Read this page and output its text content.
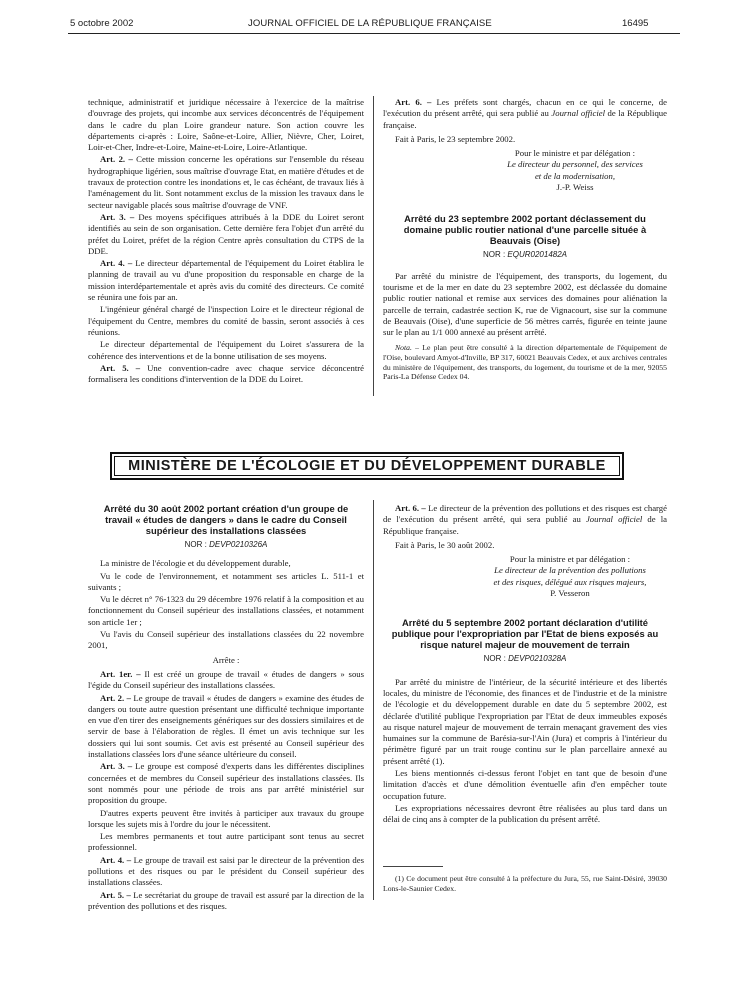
5 octobre 2002	JOURNAL OFFICIEL DE LA RÉPUBLIQUE FRANÇAISE	16495

technique, administratif et juridique nécessaire à l'exercice de la maîtrise d'ouvrage des projets, qui incombe aux services déconcentrés de l'équipement dans le cadre du plan Loire grandeur nature. Son action couvre les départements ci-après : Loire, Saône-et-Loire, Allier, Nièvre, Cher, Loiret, Loir-et-Cher, Indre-et-Loire, Maine-et-Loire, Loire-Atlantique.

Art. 2. – Cette mission concerne les opérations sur l'ensemble du réseau hydrographique ligérien, sous maîtrise d'ouvrage Etat, en matière d'études et de travaux de protection contre les inondations et, le cas échéant, de travaux liés à l'aménagement du lit. Sont notamment exclus de la mission les travaux dans le secteur navigable placés sous maîtrise d'ouvrage de VNF.

Art. 3. – Des moyens spécifiques attribués à la DDE du Loiret seront identifiés au sein de son organisation. Cette dernière fera l'objet d'un arrêté du préfet du Loiret, préfet de la région Centre après consultation du CTPS de la DDE.

Art. 4. – Le directeur départemental de l'équipement du Loiret établira le planning de travail au vu d'une proposition du responsable en charge de la mission interdépartementale et après avis du comité des directeurs. Ce comité se réunira une fois par an.

L'ingénieur général chargé de l'inspection Loire et le directeur régional de l'équipement du Centre, membres du comité de bassin, seront associés à ces réunions.

Le directeur départemental de l'équipement du Loiret s'assurera de la cohérence des interventions et de la bonne utilisation de ses moyens.

Art. 5. – Une convention-cadre avec chaque service déconcentré formalisera les conditions d'intervention de la DDE du Loiret.

Art. 6. – Les préfets sont chargés, chacun en ce qui le concerne, de l'exécution du présent arrêté, qui sera publié au Journal officiel de la République française.

Fait à Paris, le 23 septembre 2002.

Pour le ministre et par délégation :
Le directeur du personnel, des services
et de la modernisation,
J.-P. Weiss
Arrêté du 23 septembre 2002 portant déclassement du domaine public routier national d'une parcelle située à Beauvais (Oise)
NOR : EQUR0201482A

Par arrêté du ministre de l'équipement, des transports, du logement, du tourisme et de la mer en date du 23 septembre 2002, est déclassée du domaine public routier national et remise aux services des domaines pour aliénation la parcelle de terrain, cadastrée section K, rue de Vignacourt, sise sur la commune de Beauvais (Oise), d'une superficie de 56 mètres carrés, figurée en teinte jaune sur le plan au 1/1 000 annexé au présent arrêté.

Nota. – Le plan peut être consulté à la direction départementale de l'équipement de l'Oise, boulevard Amyot-d'Inville, BP 317, 60021 Beauvais Cedex, et aux archives centrales du ministère de l'équipement, des transports, du logement, du tourisme et de la mer, 92055 Paris-La Défense Cedex 04.

MINISTÈRE DE L'ÉCOLOGIE ET DU DÉVELOPPEMENT DURABLE
Arrêté du 30 août 2002 portant création d'un groupe de travail « études de dangers » dans le cadre du Conseil supérieur des installations classées
NOR : DEVP0210326A

La ministre de l'écologie et du développement durable,

Vu le code de l'environnement, et notamment ses articles L. 511-1 et suivants ;

Vu le décret n° 76-1323 du 29 décembre 1976 relatif à la composition et au fonctionnement du Conseil supérieur des installations classées, et notamment son article 1er ;

Vu l'avis du Conseil supérieur des installations classées du 22 novembre 2001,

Arrête :

Art. 1er. – Il est créé un groupe de travail « études de dangers » sous l'égide du Conseil supérieur des installations classées.

Art. 2. – Le groupe de travail « études de dangers » examine des études de dangers ou toute autre question présentant une difficulté technique importante en vue d'en tirer des enseignements génériques sur des dossiers similaires et de servir de base à l'élaboration de règles. Il émet un avis technique sur les dossiers qui lui sont soumis. Cet avis est présenté au Conseil supérieur des installations classées lors d'une séance ultérieure du conseil.

Art. 3. – Le groupe est composé d'experts dans les différentes disciplines concernées et de membres du Conseil supérieur des installations classées. Ils sont nommés pour une période de trois ans par arrêté ministériel sur proposition du groupe.

D'autres experts peuvent être invités à participer aux travaux du groupe lorsque les sujets mis à l'ordre du jour le nécessitent.

Les membres permanents et tout autre participant sont tenus au secret professionnel.

Art. 4. – Le groupe de travail est saisi par le directeur de la prévention des pollutions et des risques ou par le président du Conseil supérieur des installations classées.

Art. 5. – Le secrétariat du groupe de travail est assuré par la direction de la prévention des pollutions et des risques.

Art. 6. – Le directeur de la prévention des pollutions et des risques est chargé de l'exécution du présent arrêté, qui sera publié au Journal officiel de la République française.

Fait à Paris, le 30 août 2002.

Pour la ministre et par délégation :
Le directeur de la prévention des pollutions
et des risques, délégué aux risques majeurs,
P. Vesseron
Arrêté du 5 septembre 2002 portant déclaration d'utilité publique pour l'expropriation par l'Etat de biens exposés au risque naturel majeur de mouvement de terrain
NOR : DEVP0210328A

Par arrêté du ministre de l'intérieur, de la sécurité intérieure et des libertés locales, du ministre de l'économie, des finances et de l'industrie et de la ministre de l'écologie et du développement durable en date du 5 septembre 2002, est déclarée d'utilité publique l'expropriation par l'Etat de deux immeubles exposés au risque naturel majeur de mouvement de terrain menaçant gravement des vies humaines sur la commune de Barésia-sur-l'Ain (Jura) et compris à l'intérieur du périmètre figuré par un trait rouge continu sur le plan parcellaire annexé au présent arrêté (1).

Les biens mentionnés ci-dessus feront l'objet en tant que de besoin d'une limitation d'accès et d'une démolition éventuelle afin d'en empêcher toute occupation future.

Les expropriations nécessaires devront être réalisées au plus tard dans un délai de cinq ans à compter de la publication du présent arrêté.

(1) Ce document peut être consulté à la préfecture du Jura, 55, rue Saint-Désiré, 39030 Lons-le-Saunier Cedex.
